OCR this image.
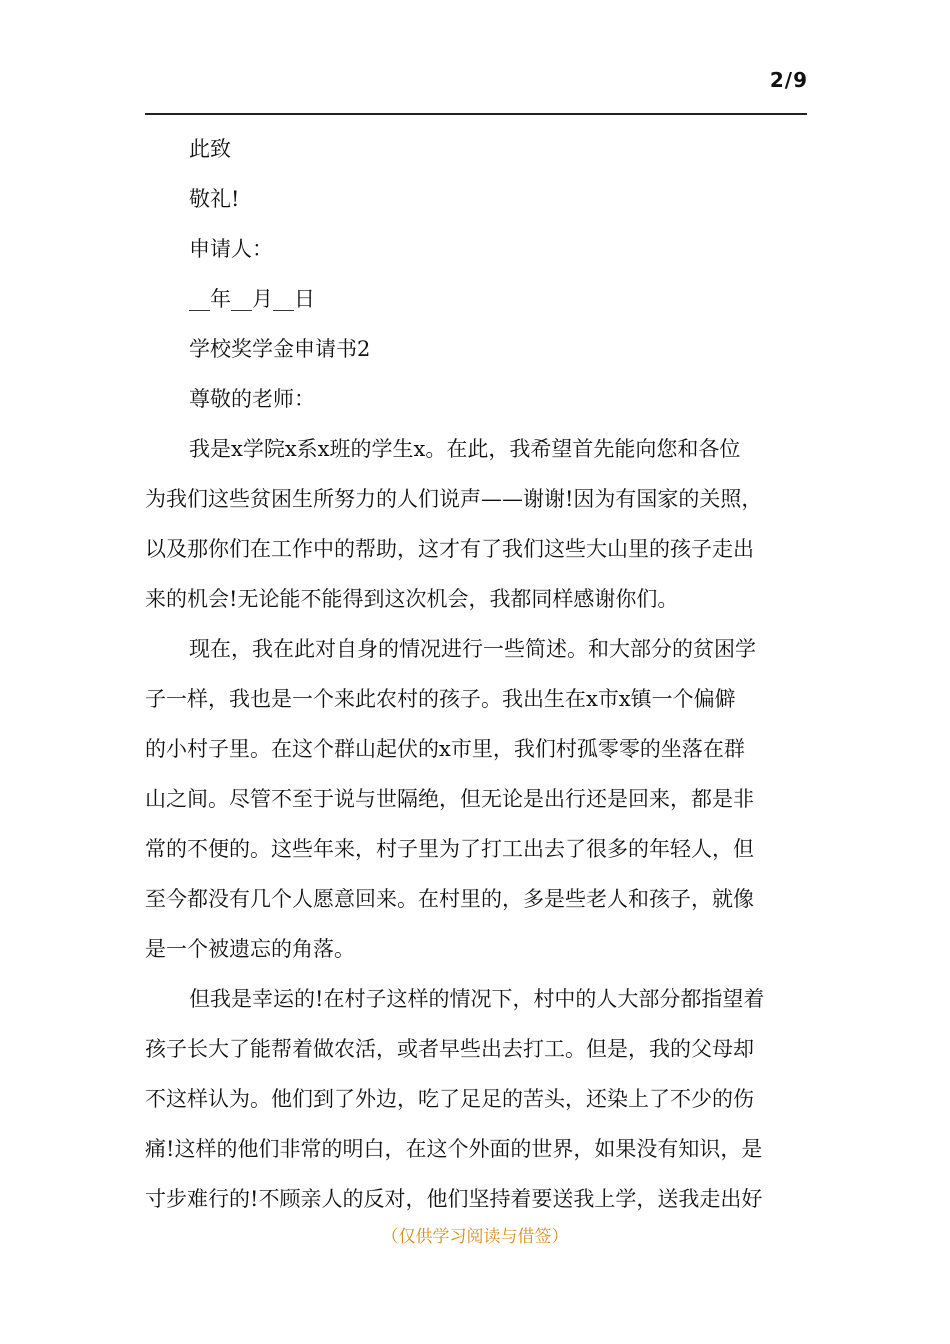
2/9
此致
敬礼!
申请人：
__年__月__日
学校奖学金申请书2
尊敬的老师：
我是x学院x系x班的学生x。在此，我希望首先能向您和各位
为我们这些贫困生所努力的人们说声——谢谢!因为有国家的关照，
以及那你们在工作中的帮助，这才有了我们这些大山里的孩子走出
来的机会!无论能不能得到这次机会，我都同样感谢你们。
现在，我在此对自身的情况进行一些简述。和大部分的贫困学
子一样，我也是一个来此农村的孩子。我出生在x市x镇一个偏僻
的小村子里。在这个群山起伏的x市里，我们村孤零零的坐落在群
山之间。尽管不至于说与世隔绝，但无论是出行还是回来，都是非
常的不便的。这些年来，村子里为了打工出去了很多的年轻人，但
至今都没有几个人愿意回来。在村里的，多是些老人和孩子，就像
是一个被遗忘的角落。
但我是幸运的!在村子这样的情况下，村中的人大部分都指望着
孩子长大了能帮着做农活，或者早些出去打工。但是，我的父母却
不这样认为。他们到了外边，吃了足足的苦头，还染上了不少的伤
痛!这样的他们非常的明白，在这个外面的世界，如果没有知识，是
寸步难行的!不顾亲人的反对，他们坚持着要送我上学，送我走出好
（仅供学习阅读与借签）
